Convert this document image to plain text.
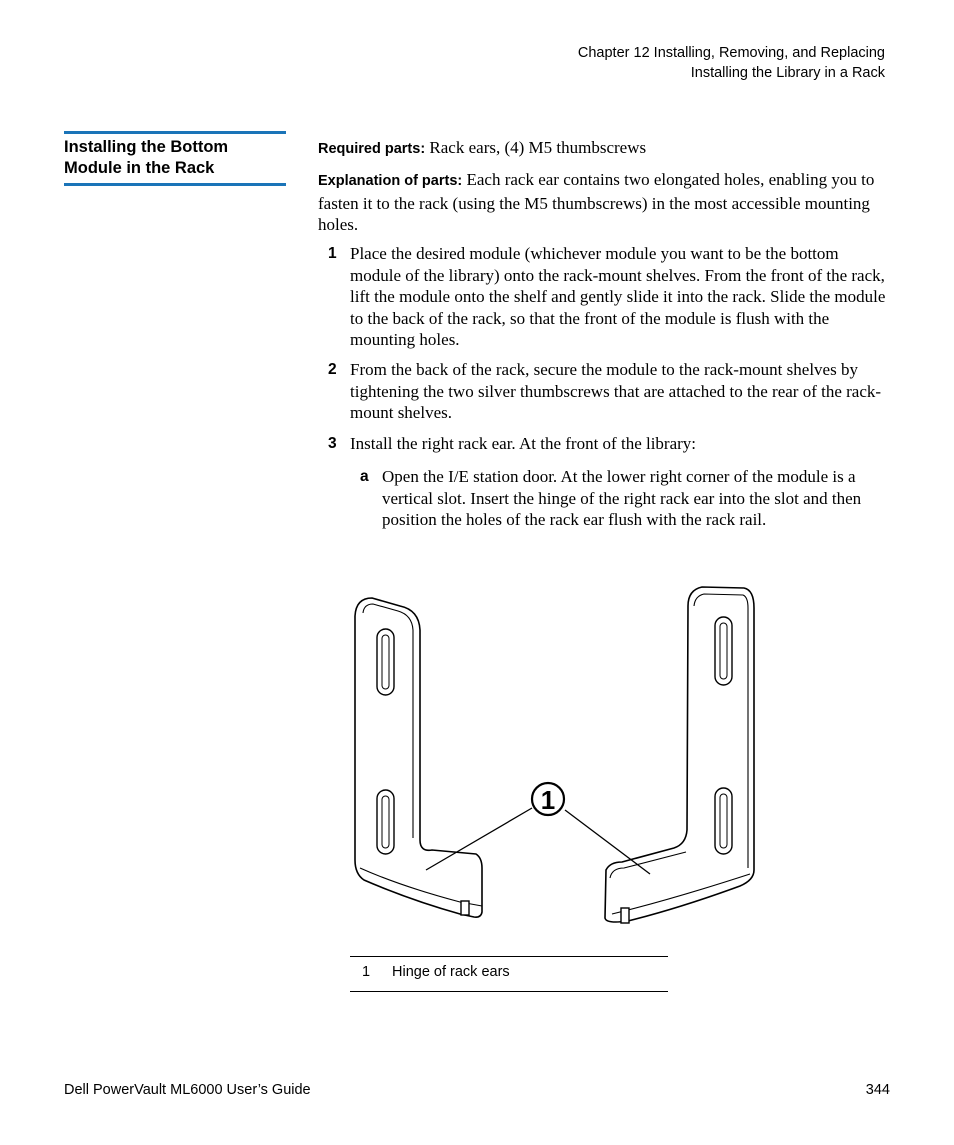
Chapter 12 Installing, Removing, and Replacing
Installing the Library in a Rack
Installing the Bottom Module in the Rack
Required parts: Rack ears, (4) M5 thumbscrews
Explanation of parts: Each rack ear contains two elongated holes, enabling you to fasten it to the rack (using the M5 thumbscrews) in the most accessible mounting holes.
1 Place the desired module (whichever module you want to be the bottom module of the library) onto the rack-mount shelves. From the front of the rack, lift the module onto the shelf and gently slide it into the rack. Slide the module to the back of the rack, so that the front of the module is flush with the mounting holes.
2 From the back of the rack, secure the module to the rack-mount shelves by tightening the two silver thumbscrews that are attached to the rear of the rack-mount shelves.
3 Install the right rack ear. At the front of the library:
a Open the I/E station door. At the lower right corner of the module is a vertical slot. Insert the hinge of the right rack ear into the slot and then position the holes of the rack ear flush with the rack rail.
1
1 Hinge of rack ears
Dell PowerVault ML6000 User’s Guide	344
